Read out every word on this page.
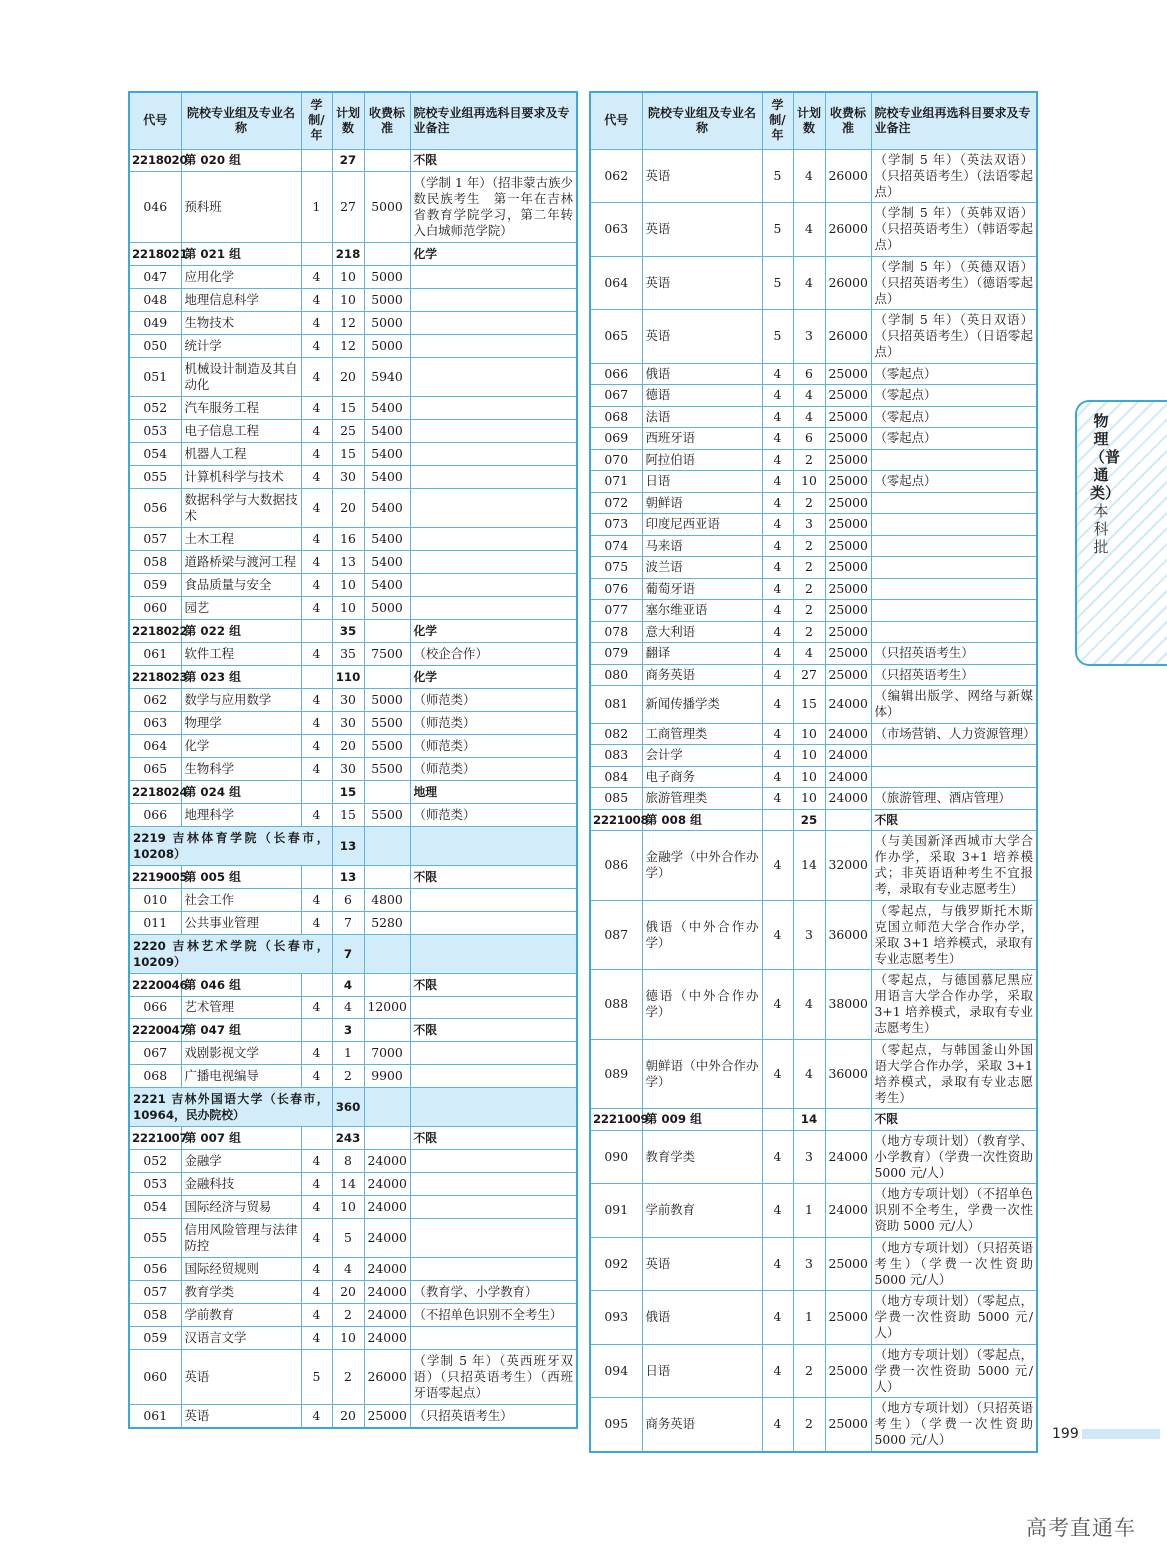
代号	院校专业组及专业名称	学制/年	计划数	收费标准	院校专业组再选科目要求及专业备注
2218020	第 020 组		27		不限
046	预科班	1	27	5000	（学制 1 年）（招非蒙古族少数民族考生　第一年在吉林省教育学院学习，第二年转入白城师范学院）
2218021	第 021 组		218		化学
047	应用化学	4	10	5000	
048	地理信息科学	4	10	5000	
049	生物技术	4	12	5000	
050	统计学	4	12	5000	
051	机械设计制造及其自动化	4	20	5940	
052	汽车服务工程	4	15	5400	
053	电子信息工程	4	25	5400	
054	机器人工程	4	15	5400	
055	计算机科学与技术	4	30	5400	
056	数据科学与大数据技术	4	20	5400	
057	土木工程	4	16	5400	
058	道路桥梁与渡河工程	4	13	5400	
059	食品质量与安全	4	10	5400	
060	园艺	4	10	5000	
2218022	第 022 组		35		化学
061	软件工程	4	35	7500	（校企合作）
2218023	第 023 组		110		化学
062	数学与应用数学	4	30	5000	（师范类）
063	物理学	4	30	5500	（师范类）
064	化学	4	20	5500	（师范类）
065	生物科学	4	30	5500	（师范类）
2218024	第 024 组		15		地理
066	地理科学	4	15	5500	（师范类）
2219 吉林体育学院（长春市，10208）			13		
2219005	第 005 组		13		不限
010	社会工作	4	6	4800	
011	公共事业管理	4	7	5280	
2220 吉林艺术学院（长春市，10209）			7		
2220046	第 046 组		4		不限
066	艺术管理	4	4	12000	
2220047	第 047 组		3		不限
067	戏剧影视文学	4	1	7000	
068	广播电视编导	4	2	9900	
2221 吉林外国语大学（长春市，10964，民办院校）			360		
2221007	第 007 组		243		不限
052	金融学	4	8	24000	
053	金融科技	4	14	24000	
054	国际经济与贸易	4	10	24000	
055	信用风险管理与法律防控	4	5	24000	
056	国际经贸规则	4	4	24000	
057	教育学类	4	20	24000	（教育学、小学教育）
058	学前教育	4	2	24000	（不招单色识别不全考生）
059	汉语言文学	4	10	24000	
060	英语	5	2	26000	（学制 5 年）（英西班牙双语）（只招英语考生）（西班牙语零起点）
061	英语	4	20	25000	（只招英语考生）
代号	院校专业组及专业名称	学制/年	计划数	收费标准	院校专业组再选科目要求及专业备注
062	英语	5	4	26000	（学制 5 年）（英法双语）（只招英语考生）（法语零起点）
063	英语	5	4	26000	（学制 5 年）（英韩双语）（只招英语考生）（韩语零起点）
064	英语	5	4	26000	（学制 5 年）（英德双语）（只招英语考生）（德语零起点）
065	英语	5	3	26000	（学制 5 年）（英日双语）（只招英语考生）（日语零起点）
066	俄语	4	6	25000	（零起点）
067	德语	4	4	25000	（零起点）
068	法语	4	4	25000	（零起点）
069	西班牙语	4	6	25000	（零起点）
070	阿拉伯语	4	2	25000	
071	日语	4	10	25000	（零起点）
072	朝鲜语	4	2	25000	
073	印度尼西亚语	4	3	25000	
074	马来语	4	2	25000	
075	波兰语	4	2	25000	
076	葡萄牙语	4	2	25000	
077	塞尔维亚语	4	2	25000	
078	意大利语	4	2	25000	
079	翻译	4	4	25000	（只招英语考生）
080	商务英语	4	27	25000	（只招英语考生）
081	新闻传播学类	4	15	24000	（编辑出版学、网络与新媒体）
082	工商管理类	4	10	24000	（市场营销、人力资源管理）
083	会计学	4	10	24000	
084	电子商务	4	10	24000	
085	旅游管理类	4	10	24000	（旅游管理、酒店管理）
2221008	第 008 组		25		不限
086	金融学（中外合作办学）	4	14	32000	（与美国新泽西城市大学合作办学，采取 3+1 培养模式；非英语语种考生不宜报考，录取有专业志愿考生）
087	俄语（中外合作办学）	4	3	36000	（零起点，与俄罗斯托木斯克国立师范大学合作办学，采取 3+1 培养模式，录取有专业志愿考生）
088	德语（中外合作办学）	4	4	38000	（零起点，与德国慕尼黑应用语言大学合作办学，采取 3+1 培养模式，录取有专业志愿考生）
089	朝鲜语（中外合作办学）	4	4	36000	（零起点，与韩国釜山外国语大学合作办学，采取 3+1 培养模式，录取有专业志愿考生）
2221009	第 009 组		14		不限
090	教育学类	4	3	24000	（地方专项计划）（教育学、小学教育）（学费一次性资助 5000 元/人）
091	学前教育	4	1	24000	（地方专项计划）（不招单色识别不全考生，学费一次性资助 5000 元/人）
092	英语	4	3	25000	（地方专项计划）（只招英语考生）（学费一次性资助 5000 元/人）
093	俄语	4	1	25000	（地方专项计划）（零起点，学费一次性资助 5000 元/人）
094	日语	4	2	25000	（地方专项计划）（零起点，学费一次性资助 5000 元/人）
095	商务英语	4	2	25000	（地方专项计划）（只招英语考生）（学费一次性资助 5000 元/人）
物理（普通类）
本科批
199
高考直通车
